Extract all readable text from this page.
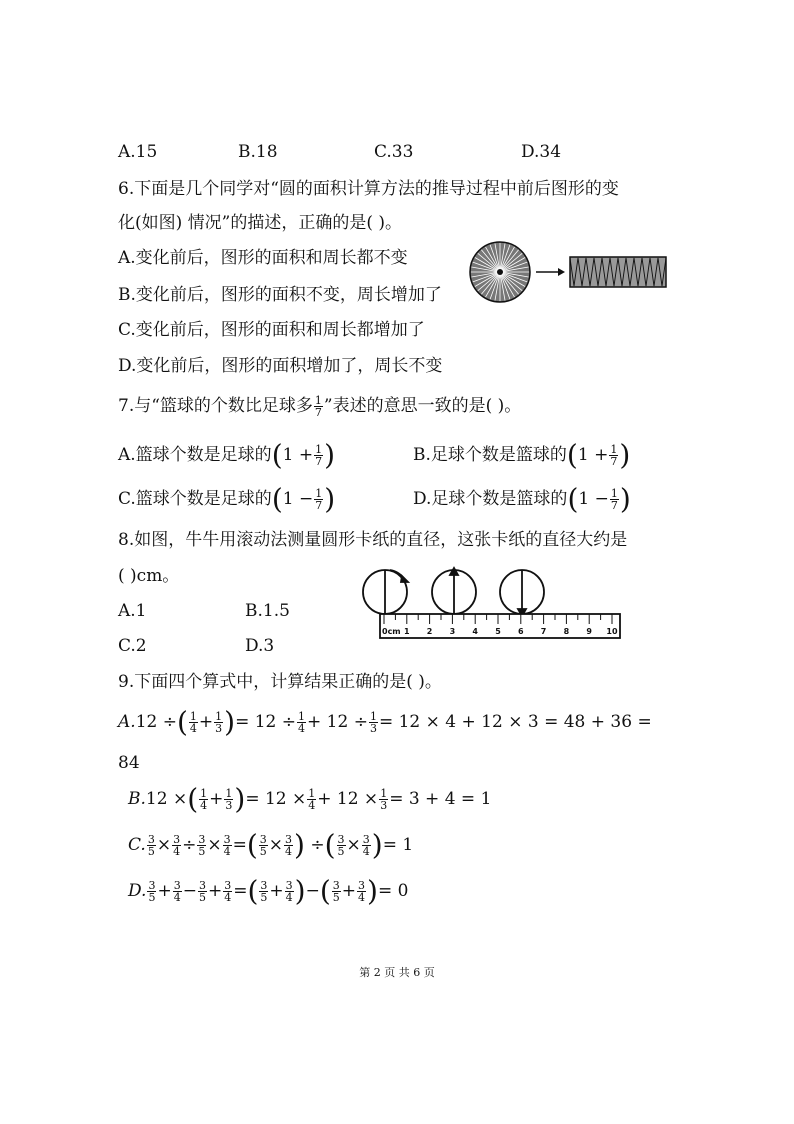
A.15	B.18	C.33	D.34
6.下面是几个同学对“圆的面积计算方法的推导过程中前后图形的变
化(如图) 情况”的描述，正确的是( )。
A.变化前后，图形的面积和周长都不变
B.变化前后，图形的面积不变，周长增加了
C.变化前后，图形的面积和周长都增加了
D.变化前后，图形的面积增加了，周长不变
7.与“篮球的个数比足球多 $\frac{1}{7}$ ”表述的意思一致的是( )。
A.篮球个数是足球的($1 + \frac{1}{7}$ )	B.足球个数是篮球的($1 + \frac{1}{7}$ )
C.篮球个数是足球的($1 - \frac{1}{7}$ )	D.足球个数是篮球的($1 - \frac{1}{7}$ )
8.如图，牛牛用滚动法测量圆形卡纸的直径，这张卡纸的直径大约是
( )cm。
A.1	B.1.5
C.2	D.3
0cm 1 2 3 4 5 6 7 8 9 10
9.下面四个算式中，计算结果正确的是( )。
A.12 ÷( $\frac{1}{4} + \frac{1}{3}$ )= $12 \div \frac{1}{4} + 12 \div \frac{1}{3} = 12 \times 4 + 12 \times 3 = 48 + 36$ =
84
B.12 ×( $\frac{1}{4} + \frac{1}{3}$ )= $12 \times \frac{1}{4} + 12 \times \frac{1}{3} = 3 + 4 = 1$
C. $\frac{3}{5} \times \frac{3}{4} \div \frac{3}{5} \times \frac{3}{4}$ =( $\frac{3}{5} \times \frac{3}{4}$ ) ÷( $\frac{3}{5} \times \frac{3}{4}$ )= 1
D. $\frac{3}{5} + \frac{3}{4} - \frac{3}{5} + \frac{3}{4}$ =( $\frac{3}{5} + \frac{3}{4}$ )−( $\frac{3}{5} + \frac{3}{4}$ )= 0
第 2 页 共 6 页
